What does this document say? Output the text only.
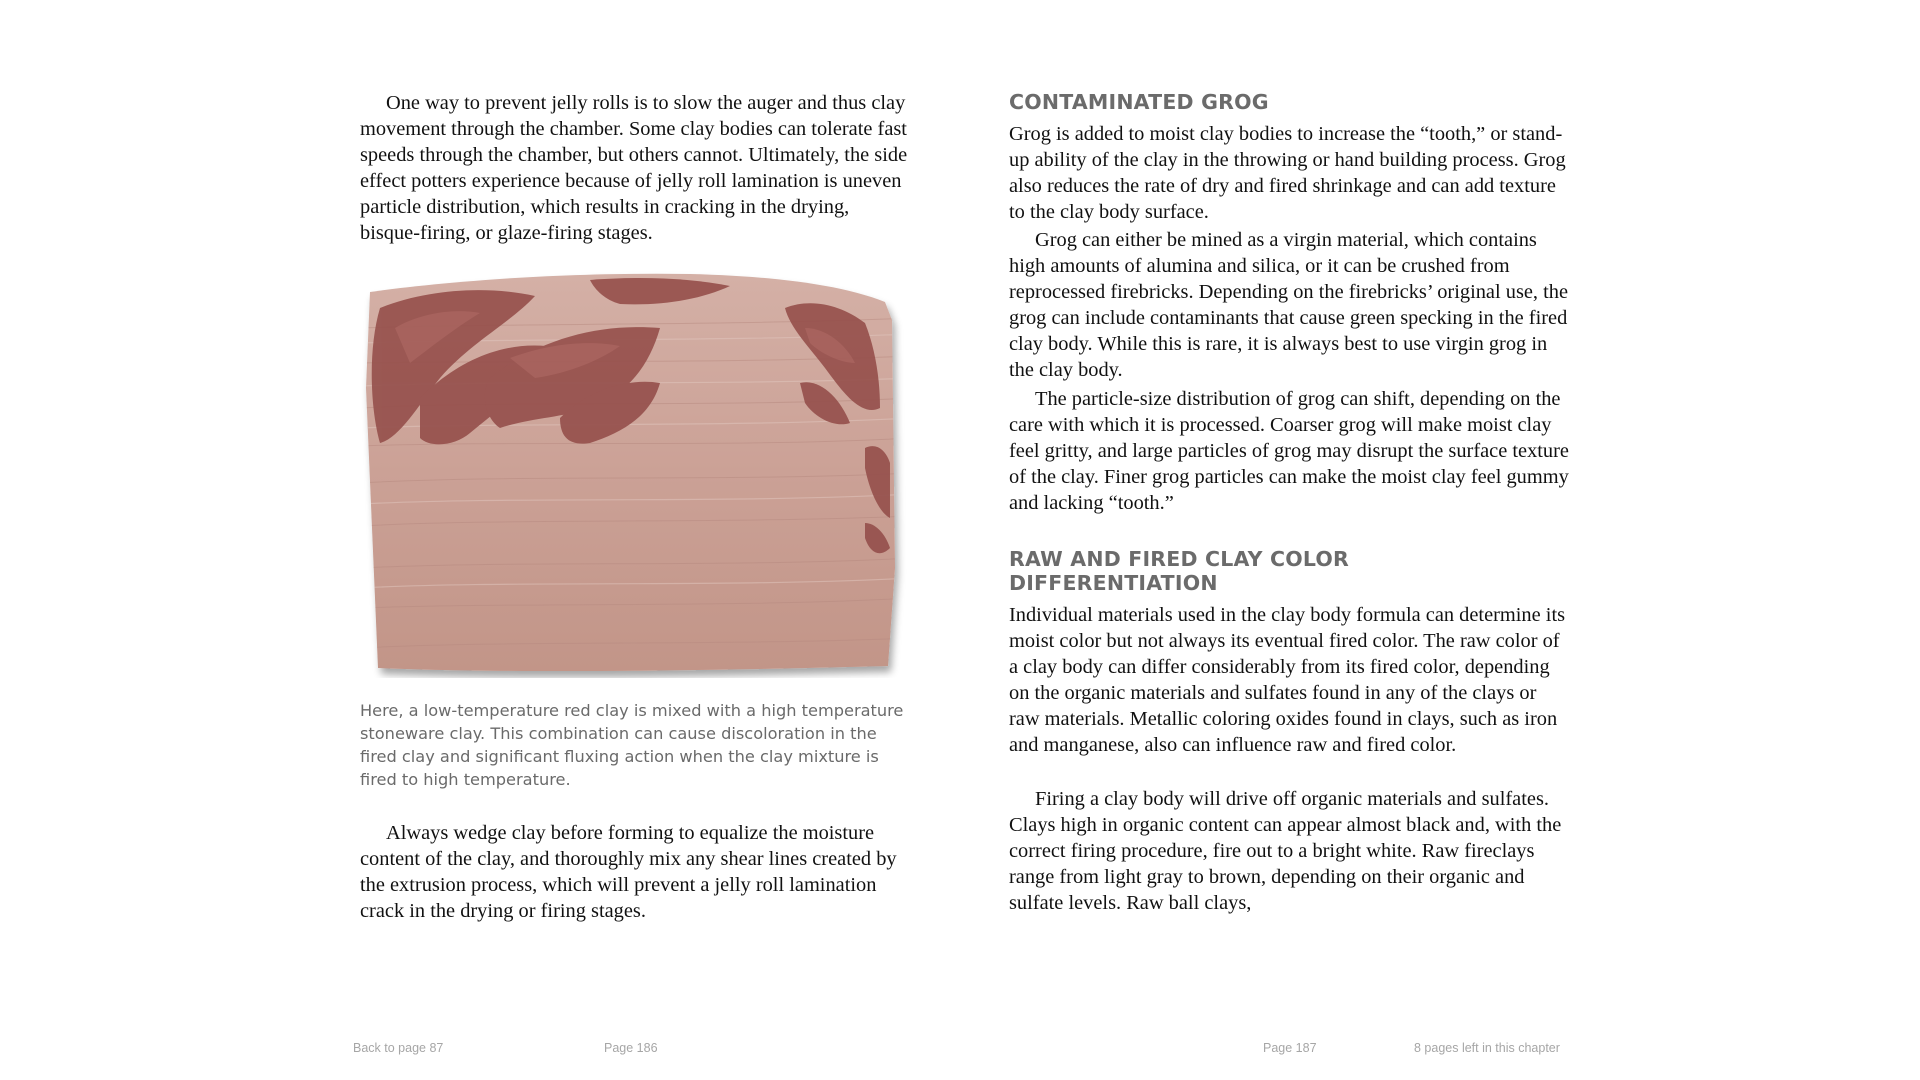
One way to prevent jelly rolls is to slow the auger and thus clay movement through the chamber. Some clay bodies can tolerate fast speeds through the chamber, but others cannot. Ultimately, the side effect potters experience because of jelly roll lamination is uneven particle distribution, which results in cracking in the drying, bisque-firing, or glaze-firing stages.

Here, a low-temperature red clay is mixed with a high temperature stoneware clay. This combination can cause discoloration in the fired clay and significant fluxing action when the clay mixture is fired to high temperature.

Always wedge clay before forming to equalize the moisture content of the clay, and thoroughly mix any shear lines created by the extrusion process, which will prevent a jelly roll lamination crack in the drying or firing stages.

CONTAMINATED GROG

Grog is added to moist clay bodies to increase the “tooth,” or stand-up ability of the clay in the throwing or hand building process. Grog also reduces the rate of dry and fired shrinkage and can add texture to the clay body surface.

Grog can either be mined as a virgin material, which contains high amounts of alumina and silica, or it can be crushed from reprocessed firebricks. Depending on the firebricks’ original use, the grog can include contaminants that cause green specking in the fired clay body. While this is rare, it is always best to use virgin grog in the clay body.

The particle-size distribution of grog can shift, depending on the care with which it is processed. Coarser grog will make moist clay feel gritty, and large particles of grog may disrupt the surface texture of the clay. Finer grog particles can make the moist clay feel gummy and lacking “tooth.”

RAW AND FIRED CLAY COLOR DIFFERENTIATION

Individual materials used in the clay body formula can determine its moist color but not always its eventual fired color. The raw color of a clay body can differ considerably from its fired color, depending on the organic materials and sulfates found in any of the clays or raw materials. Metallic coloring oxides found in clays, such as iron and manganese, also can influence raw and fired color.

Firing a clay body will drive off organic materials and sulfates. Clays high in organic content can appear almost black and, with the correct firing procedure, fire out to a bright white. Raw fireclays range from light gray to brown, depending on their organic and sulfate levels. Raw ball clays,

Back to page 87	Page 186	Page 187	8 pages left in this chapter
